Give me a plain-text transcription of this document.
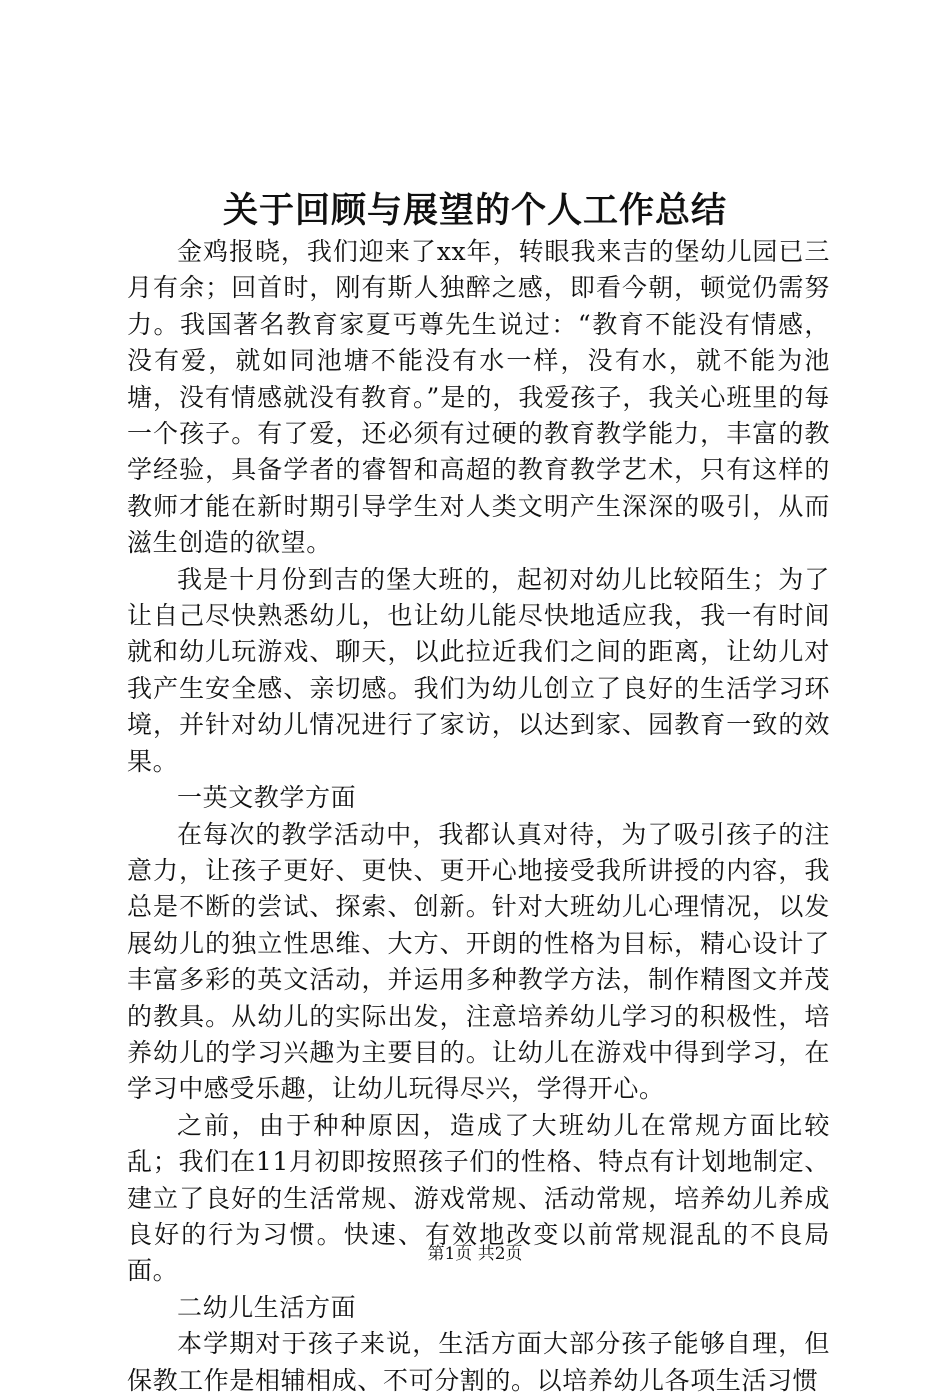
关于回顾与展望的个人工作总结

金鸡报晓，我们迎来了xx年，转眼我来吉的堡幼儿园已三月有余；回首时，刚有斯人独醉之感，即看今朝，顿觉仍需努力。我国著名教育家夏丐尊先生说过：“教育不能没有情感，没有爱，就如同池塘不能没有水一样，没有水，就不能为池塘，没有情感就没有教育。”是的，我爱孩子，我关心班里的每一个孩子。有了爱，还必须有过硬的教育教学能力，丰富的教学经验，具备学者的睿智和高超的教育教学艺术，只有这样的教师才能在新时期引导学生对人类文明产生深深的吸引，从而滋生创造的欲望。

我是十月份到吉的堡大班的，起初对幼儿比较陌生；为了让自己尽快熟悉幼儿，也让幼儿能尽快地适应我，我一有时间就和幼儿玩游戏、聊天，以此拉近我们之间的距离，让幼儿对我产生安全感、亲切感。我们为幼儿创立了良好的生活学习环境，并针对幼儿情况进行了家访，以达到家、园教育一致的效果。

一英文教学方面

在每次的教学活动中，我都认真对待，为了吸引孩子的注意力，让孩子更好、更快、更开心地接受我所讲授的内容，我总是不断的尝试、探索、创新。针对大班幼儿心理情况，以发展幼儿的独立性思维、大方、开朗的性格为目标，精心设计了丰富多彩的英文活动，并运用多种教学方法，制作精图文并茂的教具。从幼儿的实际出发，注意培养幼儿学习的积极性，培养幼儿的学习兴趣为主要目的。让幼儿在游戏中得到学习，在学习中感受乐趣，让幼儿玩得尽兴，学得开心。

之前，由于种种原因，造成了大班幼儿在常规方面比较乱；我们在11月初即按照孩子们的性格、特点有计划地制定、建立了良好的生活常规、游戏常规、活动常规，培养幼儿养成良好的行为习惯。快速、有效地改变以前常规混乱的不良局面。

二幼儿生活方面

本学期对于孩子来说，生活方面大部分孩子能够自理，但保教工作是相辅相成、不可分割的。以培养幼儿各项生活习惯

第1页 共2页
